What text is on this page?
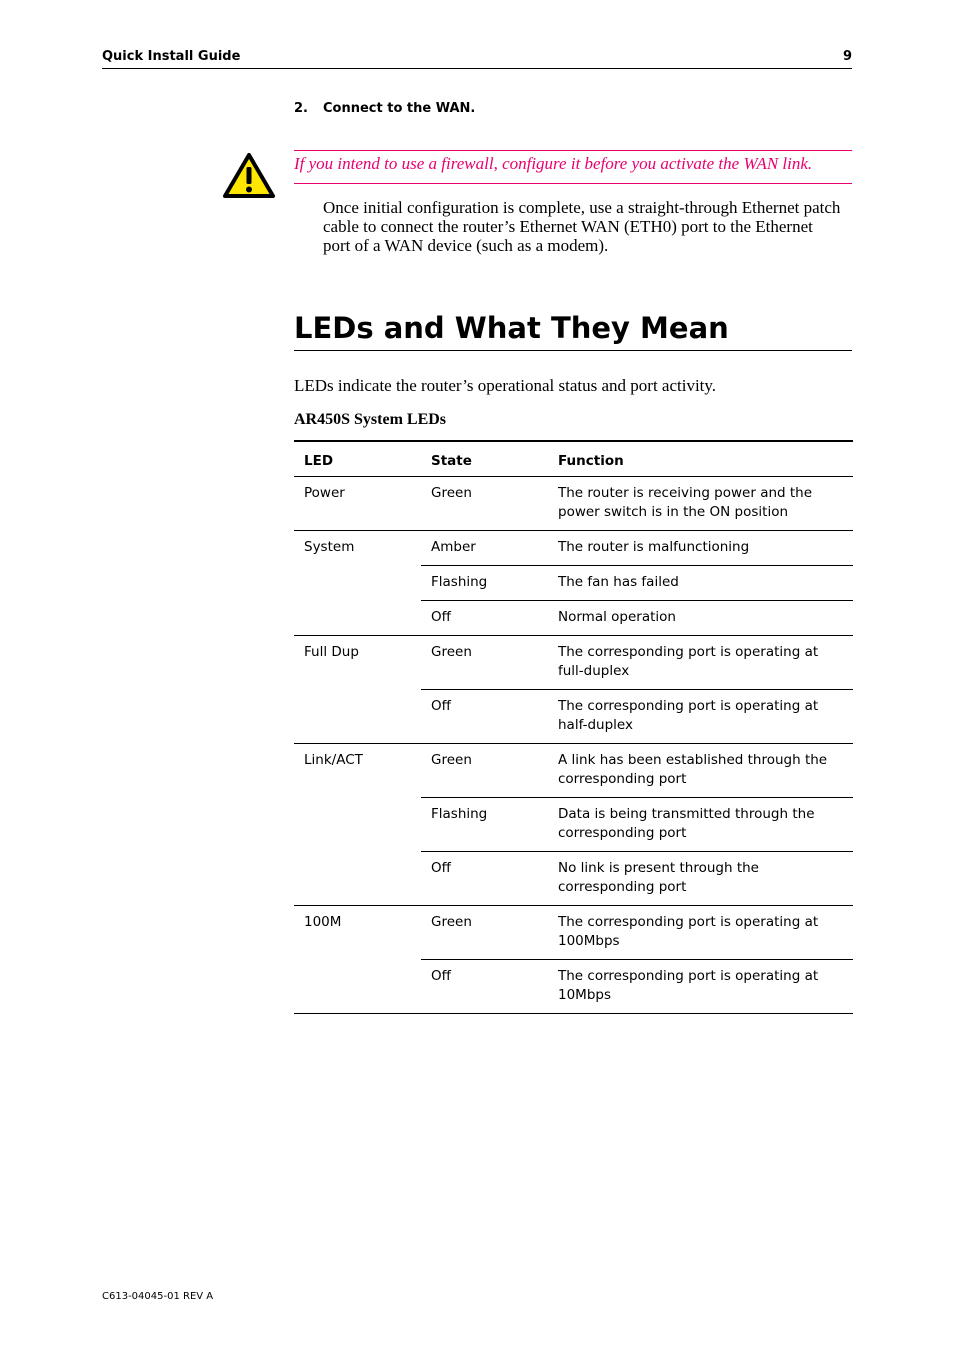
Quick Install Guide	9
2. Connect to the WAN.
If you intend to use a firewall, configure it before you activate the WAN link.
Once initial configuration is complete, use a straight-through Ethernet patch cable to connect the router’s Ethernet WAN (ETH0) port to the Ethernet port of a WAN device (such as a modem).
LEDs and What They Mean
LEDs indicate the router’s operational status and port activity.
AR450S System LEDs
LED	State	Function
Power	Green	The router is receiving power and the power switch is in the ON position
System	Amber	The router is malfunctioning
	Flashing	The fan has failed
	Off	Normal operation
Full Dup	Green	The corresponding port is operating at full-duplex
	Off	The corresponding port is operating at half-duplex
Link/ACT	Green	A link has been established through the corresponding port
	Flashing	Data is being transmitted through the corresponding port
	Off	No link is present through the corresponding port
100M	Green	The corresponding port is operating at 100Mbps
	Off	The corresponding port is operating at 10Mbps
C613-04045-01 REV A
